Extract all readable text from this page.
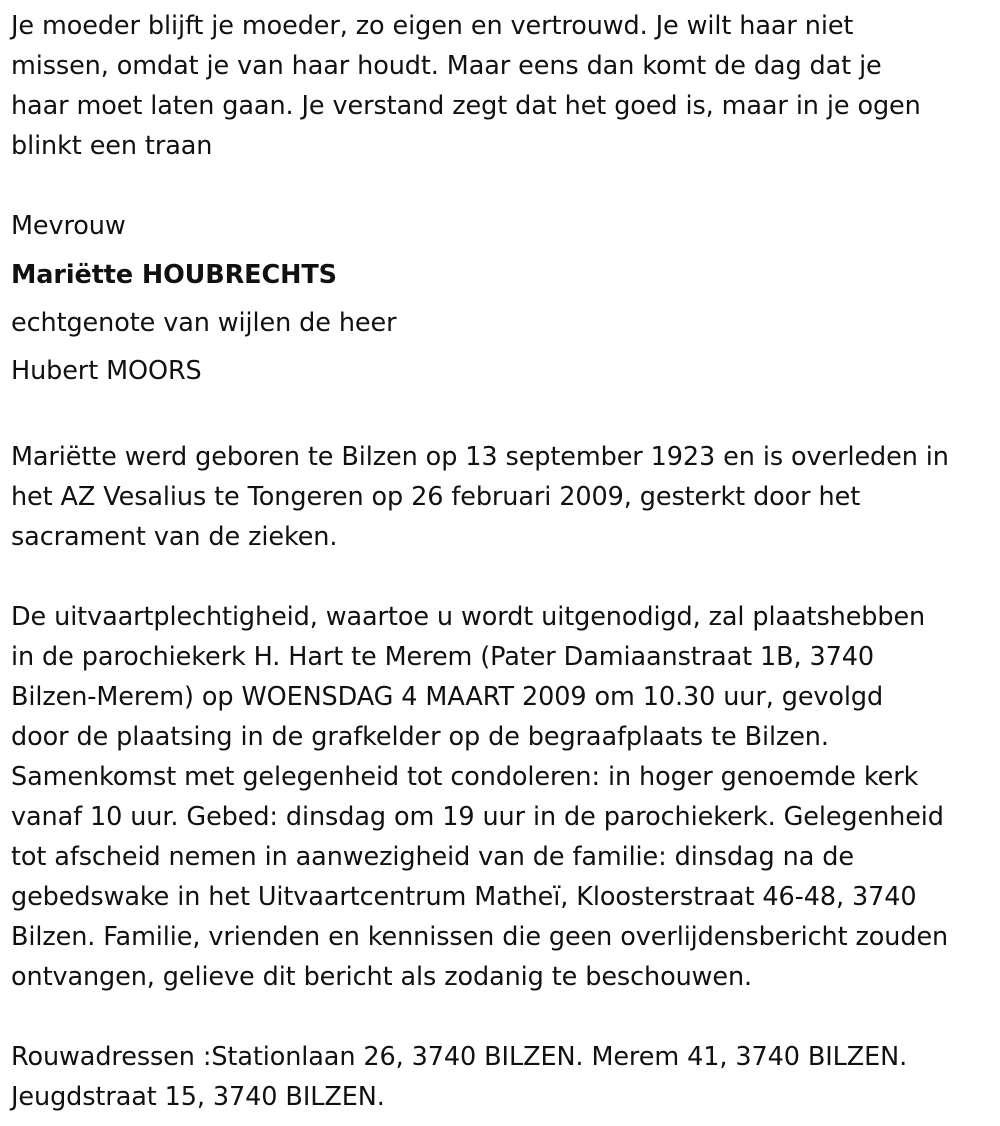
Je moeder blijft je moeder, zo eigen en vertrouwd. Je wilt haar niet
missen, omdat je van haar houdt. Maar eens dan komt de dag dat je
haar moet laten gaan. Je verstand zegt dat het goed is, maar in je ogen
blinkt een traan

Mevrouw
Mariëtte HOUBRECHTS
echtgenote van wijlen de heer
Hubert MOORS

Mariëtte werd geboren te Bilzen op 13 september 1923 en is overleden in
het AZ Vesalius te Tongeren op 26 februari 2009, gesterkt door het
sacrament van de zieken.

De uitvaartplechtigheid, waartoe u wordt uitgenodigd, zal plaatshebben
in de parochiekerk H. Hart te Merem (Pater Damiaanstraat 1B, 3740
Bilzen-Merem) op WOENSDAG 4 MAART 2009 om 10.30 uur, gevolgd
door de plaatsing in de grafkelder op de begraafplaats te Bilzen.
Samenkomst met gelegenheid tot condoleren: in hoger genoemde kerk
vanaf 10 uur. Gebed: dinsdag om 19 uur in de parochiekerk. Gelegenheid
tot afscheid nemen in aanwezigheid van de familie: dinsdag na de
gebedswake in het Uitvaartcentrum Matheï, Kloosterstraat 46-48, 3740
Bilzen. Familie, vrienden en kennissen die geen overlijdensbericht zouden
ontvangen, gelieve dit bericht als zodanig te beschouwen.

Rouwadressen :Stationlaan 26, 3740 BILZEN. Merem 41, 3740 BILZEN.
Jeugdstraat 15, 3740 BILZEN.
